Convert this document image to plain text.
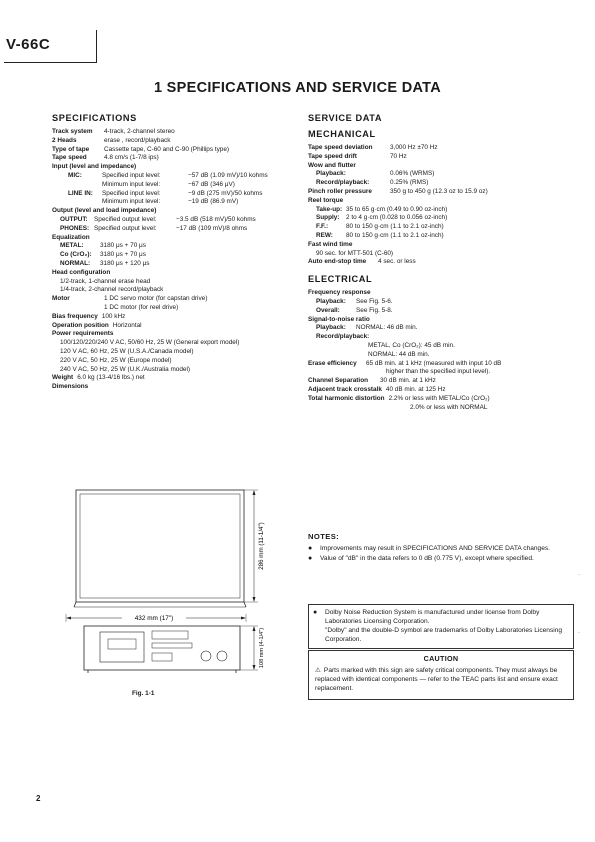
V-66C
1 SPECIFICATIONS AND SERVICE DATA
SPECIFICATIONS
Track system	4-track, 2-channel stereo
2 Heads	erase , record/playback
Type of tape	Cassette tape, C-60 and C-90 (Phillips type)
Tape speed	4.8 cm/s (1-7/8 ips)
Input (level and impedance)
MIC:	Specified input level:	−57 dB (1.09 mV)/10 kohms
Minimum input level:	−67 dB (346 μV)
LINE IN:	Specified input level:	−9 dB (275 mV)/50 kohms
Minimum input level:	−19 dB (86.9 mV)
Output (level and load impedance)
OUTPUT: Specified output level:	−3.5 dB (518 mV)/50 kohms
PHONES: Specified output level:	−17 dB (109 mV)/8 ohms
Equalization
METAL:	3180 μs + 70 μs
Co (CrO₂):	3180 μs + 70 μs
NORMAL:	3180 μs + 120 μs
Head configuration
1/2-track, 1-channel erase head
1/4-track, 2-channel record/playback
Motor	1 DC servo motor (for capstan drive)
1 DC motor (for reel drive)
Bias frequency 100 kHz
Operation position Horizontal
Power requirements
100/120/220/240 V AC, 50/60 Hz, 25 W (General export model)
120 V AC, 60 Hz, 25 W (U.S.A./Canada model)
220 V AC, 50 Hz, 25 W (Europe model)
240 V AC, 50 Hz, 25 W (U.K./Australia model)
Weight 6.0 kg (13-4/16 lbs.) net
Dimensions
432 mm (17")
286 mm (11-1/4")
108 mm (4-1/4")
Fig. 1-1
SERVICE DATA
MECHANICAL
Tape speed deviation	3,000 Hz ±70 Hz
Tape speed drift	70 Hz
Wow and flutter
Playback:	0.06% (WRMS)
Record/playback:	0.25% (RMS)
Pinch roller pressure	350 g to 450 g (12.3 oz to 15.9 oz)
Reel torque
Take-up: 35 to 65 g·cm (0.49 to 0.90 oz-inch)
Supply:	2 to 4 g·cm (0.028 to 0.056 oz-inch)
F.F.:	80 to 150 g·cm (1.1 to 2.1 oz-inch)
REW:	80 to 150 g·cm (1.1 to 2.1 oz-inch)
Fast wind time
90 sec. for MTT-501 (C-60)
Auto end-stop time	4 sec. or less
ELECTRICAL
Frequency response
Playback:	See Fig. 5-6.
Overall:	See Fig. 5-8.
Signal-to-noise ratio
Playback:	NORMAL: 46 dB min.
Record/playback:
METAL, Co (CrO₂): 45 dB min.
NORMAL: 44 dB min.
Erase efficiency	65 dB min. at 1 kHz (measured with input 10 dB
higher than the specified input level).
Channel Separation	30 dB min. at 1 kHz
Adjacent track crosstalk 40 dB min. at 125 Hz
Total harmonic distortion 2.2% or less with METAL/Co (CrO₂)
2.0% or less with NORMAL
NOTES:
●	Improvements may result in SPECIFICATIONS AND SERVICE DATA changes.
●	Value of "dB" in the data refers to 0 dB (0.775 V), except where specified.
●	Dolby Noise Reduction System is manufactured under license from Dolby Laboratories Licensing Corporation.
"Dolby" and the double-D symbol are trademarks of Dolby Laboratories Licensing Corporation.
CAUTION
⚠ Parts marked with this sign are safety critical components. They must always be replaced with identical components — refer to the TEAC parts list and ensure exact replacement.
2
·
·
